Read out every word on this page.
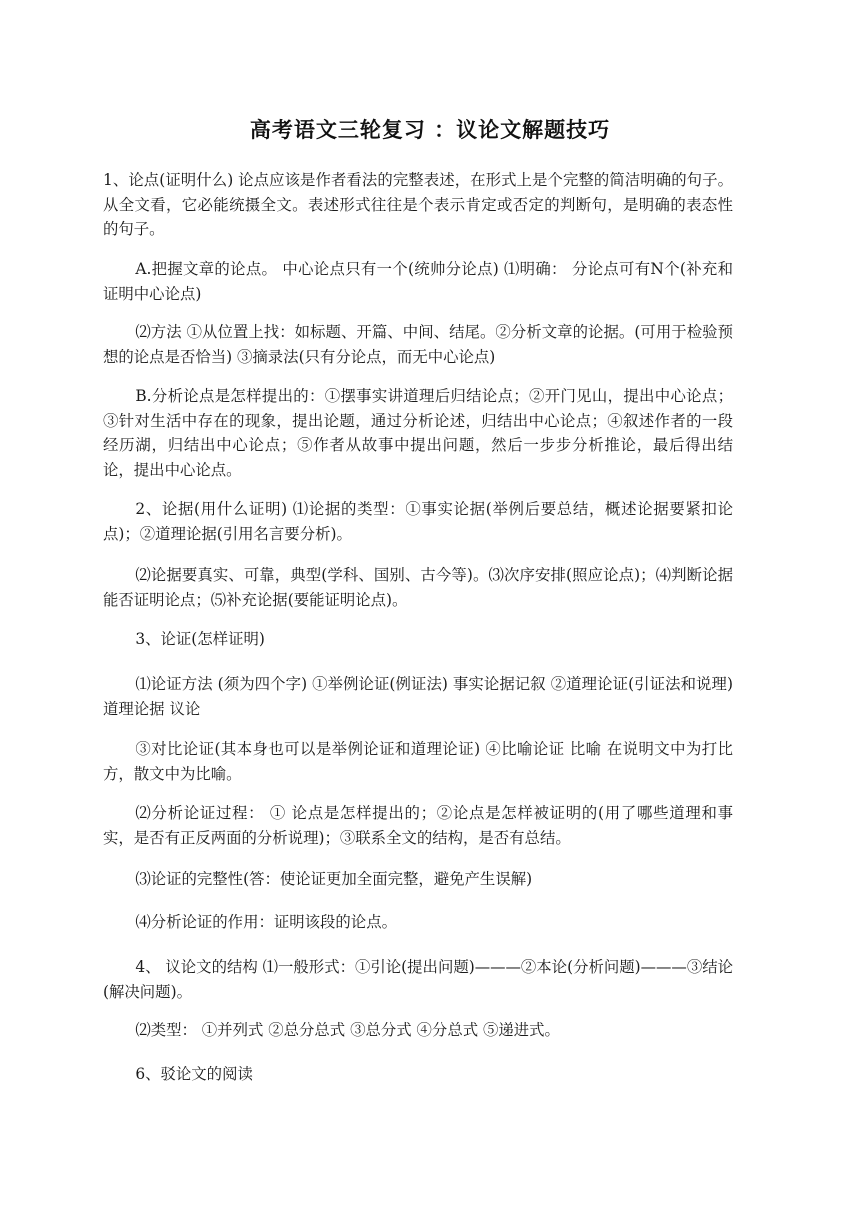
高考语文三轮复习 ：议论文解题技巧

1、论点(证明什么) 论点应该是作者看法的完整表述，在形式上是个完整的简洁明确的句子。从全文看，它必能统摄全文。表述形式往往是个表示肯定或否定的判断句，是明确的表态性的句子。

A.把握文章的论点。 中心论点只有一个(统帅分论点) ⑴明确： 分论点可有N个(补充和证明中心论点)

⑵方法 ①从位置上找：如标题、开篇、中间、结尾。②分析文章的论据。(可用于检验预想的论点是否恰当) ③摘录法(只有分论点，而无中心论点)

B.分析论点是怎样提出的：①摆事实讲道理后归结论点；②开门见山，提出中心论点；③针对生活中存在的现象，提出论题，通过分析论述，归结出中心论点；④叙述作者的一段经历湖，归结出中心论点；⑤作者从故事中提出问题，然后一步步分析推论，最后得出结论，提出中心论点。

2、论据(用什么证明) ⑴论据的类型：①事实论据(举例后要总结，概述论据要紧扣论点)；②道理论据(引用名言要分析)。

⑵论据要真实、可靠，典型(学科、国别、古今等)。⑶次序安排(照应论点)；⑷判断论据能否证明论点；⑸补充论据(要能证明论点)。

3、论证(怎样证明)

⑴论证方法 (须为四个字) ①举例论证(例证法) 事实论据记叙 ②道理论证(引证法和说理) 道理论据 议论

③对比论证(其本身也可以是举例论证和道理论证) ④比喻论证 比喻 在说明文中为打比方，散文中为比喻。

⑵分析论证过程： ① 论点是怎样提出的；②论点是怎样被证明的(用了哪些道理和事实，是否有正反两面的分析说理)；③联系全文的结构，是否有总结。

⑶论证的完整性(答：使论证更加全面完整，避免产生误解)

⑷分析论证的作用：证明该段的论点。

4、 议论文的结构 ⑴一般形式：①引论(提出问题)———②本论(分析问题)———③结论(解决问题)。

⑵类型： ①并列式 ②总分总式 ③总分式 ④分总式 ⑤递进式。

6、驳论文的阅读
